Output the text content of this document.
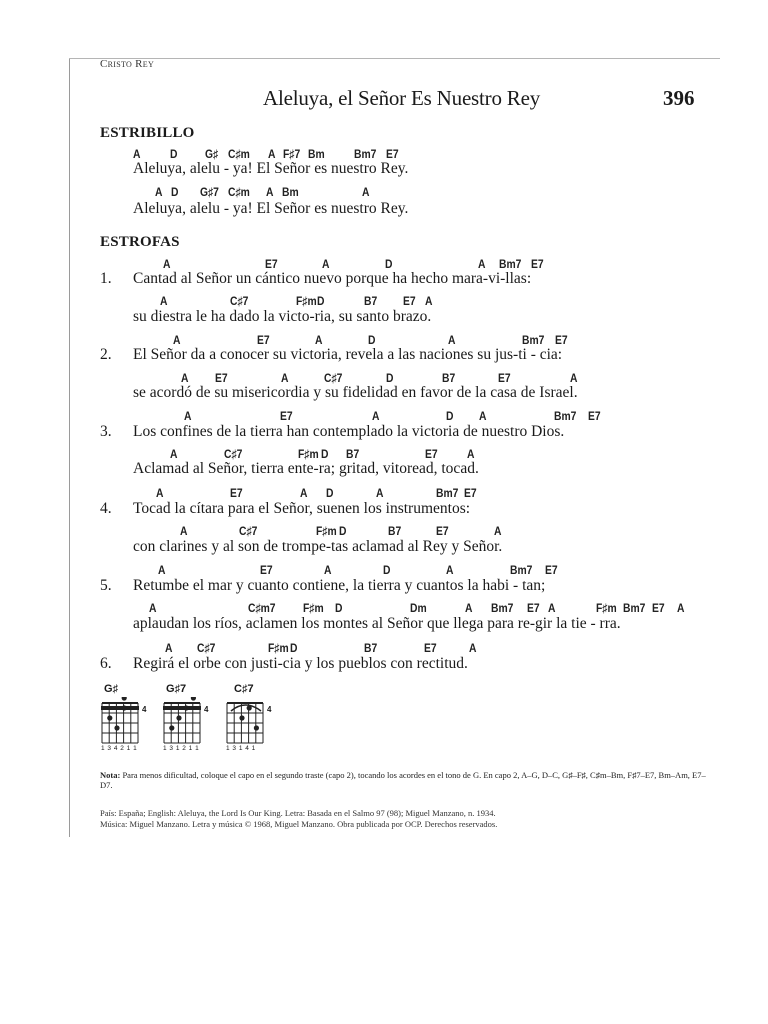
Cristo Rey
Aleluya, el Señor Es Nuestro Rey	396
ESTRIBILLO
ESTROFAS
A D G♯ C♯m A F♯7 Bm Bm7 E7
Aleluya, alelu - ya! El Señor es nuestro Rey.
A D G♯7 C♯m A Bm	A
Aleluya, alelu - ya! El Señor es nuestro Rey.
A	E7	A	D	A Bm7 E7
1. Cantad al Señor un cántico nuevo porque ha hecho mara-vi-llas:
A	C♯7	F♯m D	B7 E7 A
su diestra le ha dado la victo-ria, su santo brazo.
A	E7	A	D	A	Bm7 E7
2. El Señor da a conocer su victoria, revela a las naciones su jus-ti - cia:
A E7	A	C♯7	D	B7	E7	A
se acordó de su misericordia y su fidelidad en favor de la casa de Israel.
A	E7	A	D A	Bm7 E7
3. Los confines de la tierra han contemplado la victoria de nuestro Dios.
A	C♯7	F♯m D B7	E7 A
Aclamad al Señor, tierra ente-ra; gritad, vitoread, tocad.
A	E7	A D	A	Bm7 E7
4. Tocad la cítara para el Señor, suenen los instrumentos:
A	C♯7	F♯m D	B7	E7	A
con clarines y al son de trompe-tas aclamad al Rey y Señor.
A	E7	A	D	A	Bm7 E7
5. Retumbe el mar y cuanto contiene, la tierra y cuantos la habi - tan;
A	C♯m7 F♯m D	Dm	A Bm7 E7 A	F♯m Bm7 E7 A
aplaudan los ríos, aclamen los montes al Señor que llega para re-gir la tie - rra.
A C♯7	F♯m D	B7	E7	A
6. Regirá el orbe con justi-cia y los pueblos con rectitud.
G♯
4
1 3 4 2 1 1
G♯7
4
1 3 1 2 1 1
C♯7
4
1 3 1 4 1
Nota: Para menos dificultad, coloque el capo en el segundo traste (capo 2), tocando los acordes en el tono de G. En capo 2, A–G, D–C, G♯–F♯, C♯m–Bm, F♯7–E7, Bm–Am, E7–D7.
País: España; English: Aleluya, the Lord Is Our King. Letra: Basada en el Salmo 97 (98); Miguel Manzano, n. 1934.
Música: Miguel Manzano. Letra y música © 1968, Miguel Manzano. Obra publicada por OCP. Derechos reservados.
